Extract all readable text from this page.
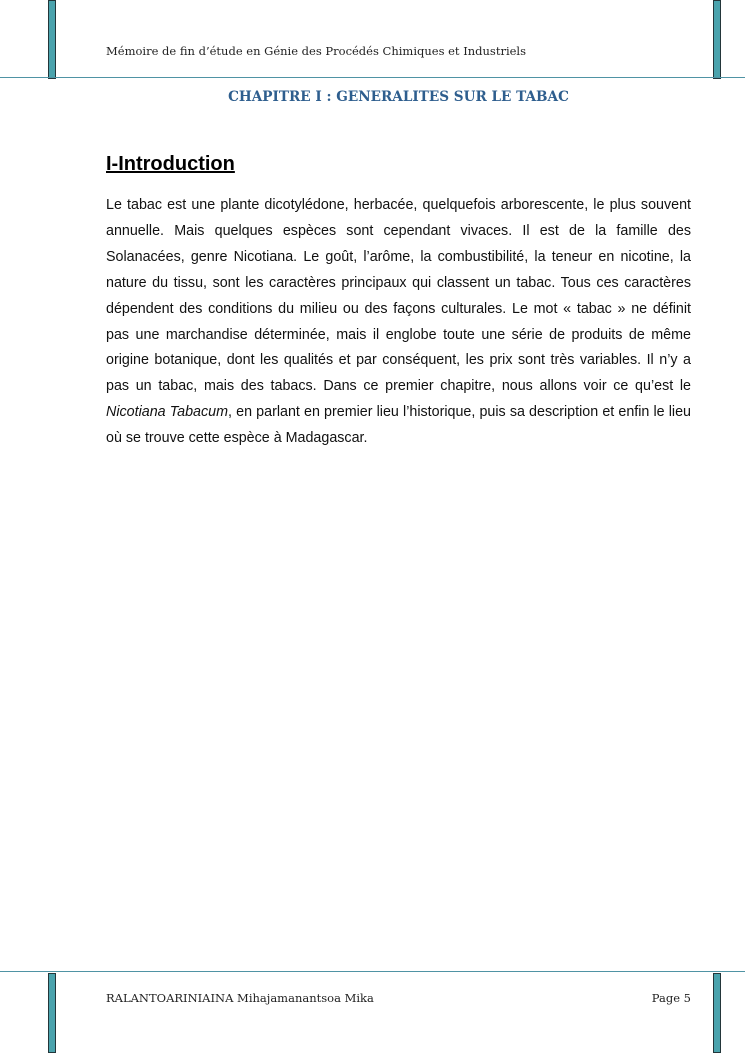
Mémoire de fin d’étude en Génie des Procédés Chimiques et Industriels
CHAPITRE I : GENERALITES SUR LE TABAC
I-Introduction

Le tabac est une plante dicotylédone, herbacée, quelquefois arborescente, le plus souvent annuelle. Mais quelques espèces sont cependant vivaces. Il est de la famille des Solanacées, genre Nicotiana. Le goût, l’arôme, la combustibilité, la teneur en nicotine, la nature du tissu, sont les caractères principaux qui classent un tabac. Tous ces caractères dépendent des conditions du milieu ou des façons culturales. Le mot « tabac » ne définit pas une marchandise déterminée, mais il englobe toute une série de produits de même origine botanique, dont les qualités et par conséquent, les prix sont très variables. Il n’y a pas un tabac, mais des tabacs. Dans ce premier chapitre, nous allons voir ce qu’est le Nicotiana Tabacum, en parlant en premier lieu l’historique, puis sa description et enfin le lieu où se trouve cette espèce à Madagascar.

RALANTOARINIAINA Mihajamanantsoa Mika	Page 5
